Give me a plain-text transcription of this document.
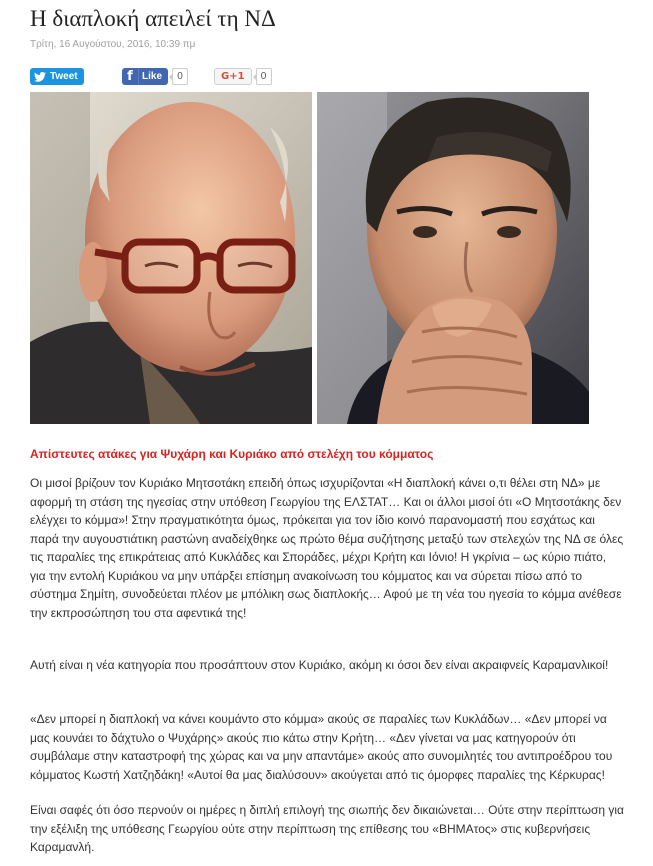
Η διαπλοκή απειλεί τη ΝΔ
Τρίτη, 16 Αυγούστου, 2016, 10:39 πμ
Tweet	f Like	0	G+1	0
Απίστευτες ατάκες για Ψυχάρη και Κυριάκο από στελέχη του κόμματος

Οι μισοί βρίζουν τον Κυριάκο Μητσοτάκη επειδή όπως ισχυρίζονται «Η διαπλοκή κάνει ο,τι θέλει στη ΝΔ» με αφορμή τη στάση της ηγεσίας στην υπόθεση Γεωργίου της ΕΛΣΤΑΤ… Και οι άλλοι μισοί ότι «Ο Μητσοτάκης δεν ελέγχει το κόμμα»! Στην πραγματικότητα όμως, πρόκειται για τον ίδιο κοινό παρανομαστή που εσχάτως και παρά την αυγουστιάτικη ραστώνη αναδείχθηκε ως πρώτο θέμα συζήτησης μεταξύ των στελεχών της ΝΔ σε όλες τις παραλίες της επικράτειας από Κυκλάδες και Σποράδες, μέχρι Κρήτη και Ιόνιο! Η γκρίνια – ως κύριο πιάτο, για την εντολή Κυριάκου να μην υπάρξει επίσημη ανακοίνωση του κόμματος και να σύρεται πίσω από το σύστημα Σημίτη, συνοδεύεται πλέον με μπόλικη σως διαπλοκής… Αφού με τη νέα του ηγεσία το κόμμα ανέθεσε την εκπροσώπηση του στα αφεντικά της!

Αυτή είναι η νέα κατηγορία που προσάπτουν στον Κυριάκο, ακόμη κι όσοι δεν είναι ακραιφνείς Καραμανλικοί!

«Δεν μπορεί η διαπλοκή να κάνει κουμάντο στο κόμμα» ακούς σε παραλίες των Κυκλάδων… «Δεν μπορεί να μας κουνάει το δάχτυλο ο Ψυχάρης» ακούς πιο κάτω στην Κρήτη… «Δεν γίνεται να μας κατηγορούν ότι συμβάλαμε στην καταστροφή της χώρας και να μην απαντάμε» ακούς απο συνομιλητές του αντιπροέδρου του κόμματος Κωστή Χατζηδάκη! «Αυτοί θα μας διαλύσουν» ακούγεται από τις όμορφες παραλίες της Κέρκυρας!

Είναι σαφές ότι όσο περνούν οι ημέρες η διπλή επιλογή της σιωπής δεν δικαιώνεται… Ούτε στην περίπτωση για την εξέλιξη της υπόθεσης Γεωργίου ούτε στην περίπτωση της επίθεσης του «ΒΗΜΑτος» στις κυβερνήσεις Καραμανλή.
